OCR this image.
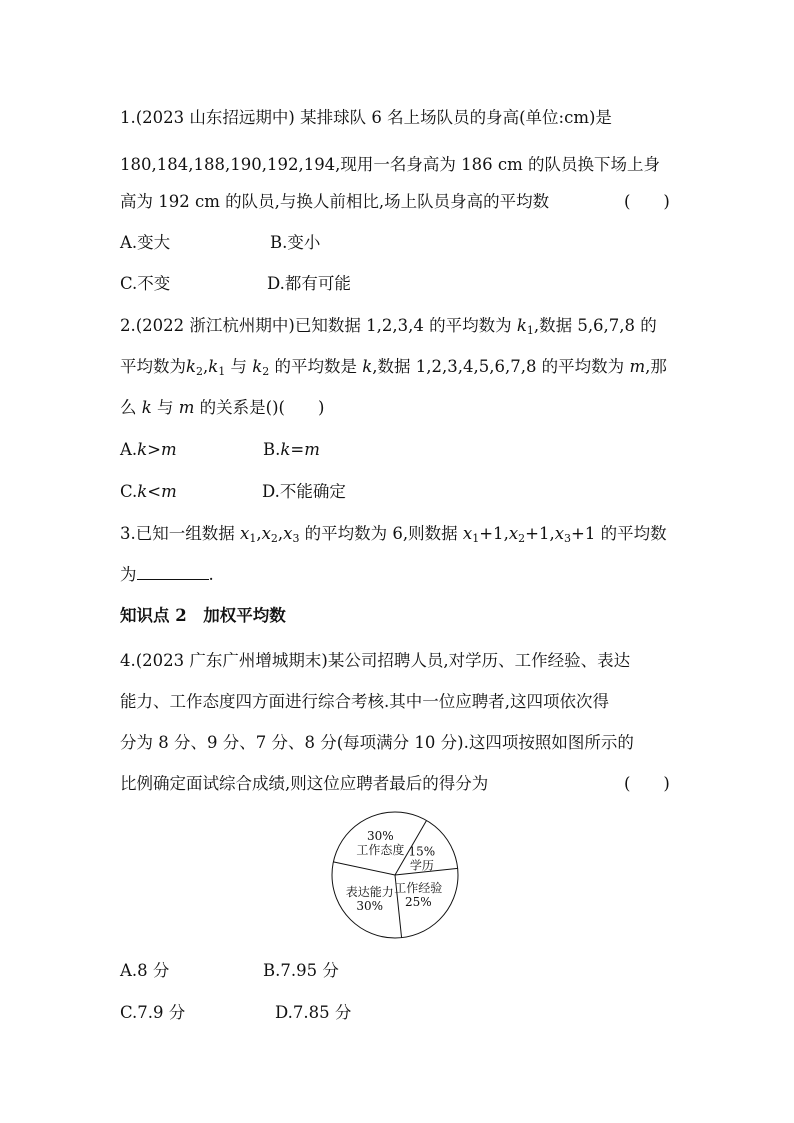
1.(2023 山东招远期中) 某排球队 6 名上场队员的身高(单位:cm)是
180,184,188,190,192,194,现用一名身高为 186 cm 的队员换下场上身
高为 192 cm 的队员,与换人前相比,场上队员身高的平均数	(　　)
A.变大	B.变小
C.不变	D.都有可能
2.(2022 浙江杭州期中)已知数据 1,2,3,4 的平均数为 $k_1$,数据 5,6,7,8 的
平均数为$k_2,k_1$ 与 $k_2$ 的平均数是 k,数据 1,2,3,4,5,6,7,8 的平均数为 m,那
么 k 与 m 的关系是()(　　)
A.k>m	B.k=m
C.k<m	D.不能确定
3.已知一组数据 $x_1,x_2,x_3$ 的平均数为 6,则数据 $x_1+1,x_2+1,x_3+1$ 的平均数
为	.
知识点 2　加权平均数
4.(2023 广东广州增城期末)某公司招聘人员,对学历、工作经验、表达
能力、工作态度四方面进行综合考核.其中一位应聘者,这四项依次得
分为 8 分、9 分、7 分、8 分(每项满分 10 分).这四项按照如图所示的
比例确定面试综合成绩,则这位应聘者最后的得分为	(　　)
15%
学历
工作经验
25%
表达能力
30%
30%
工作态度
A.8 分	B.7.95 分
C.7.9 分	D.7.85 分
